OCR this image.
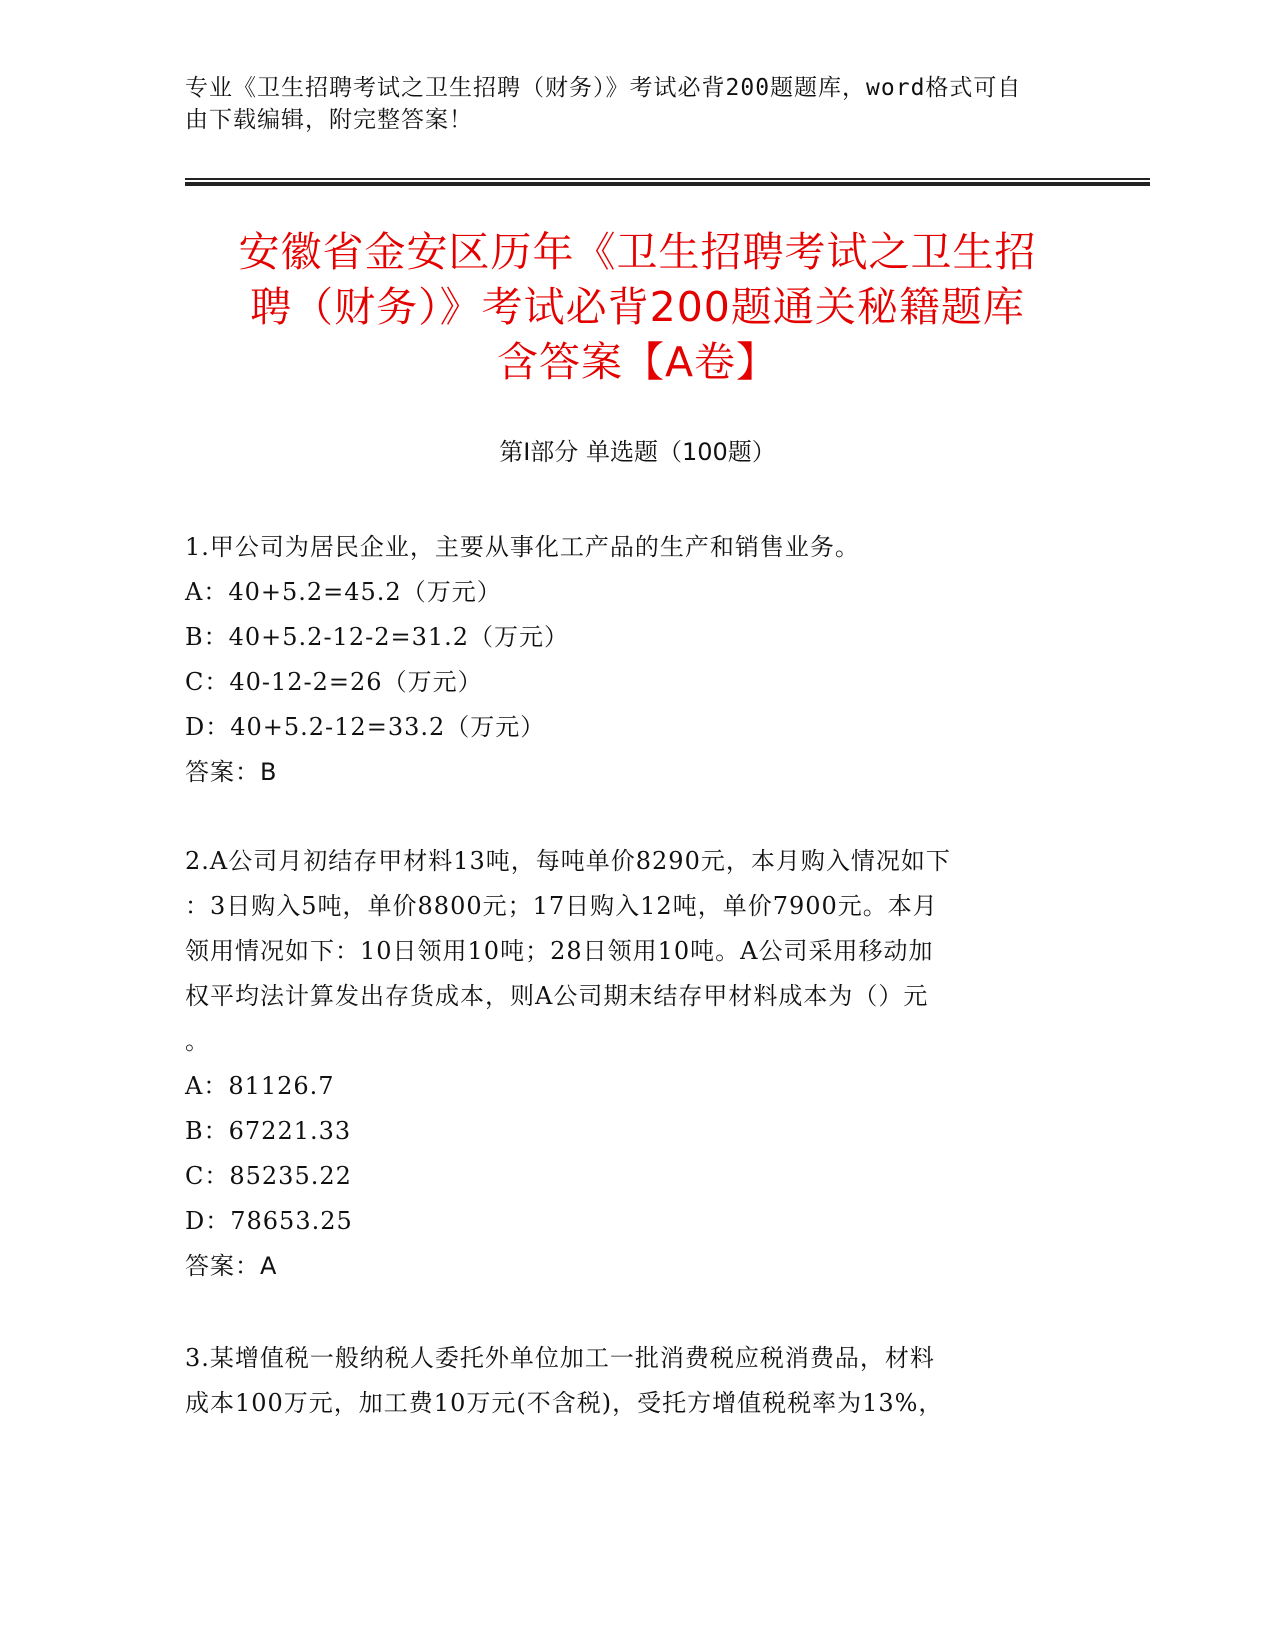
专业《卫生招聘考试之卫生招聘（财务）》考试必背200题题库，word格式可自
由下载编辑，附完整答案！
安徽省金安区历年《卫生招聘考试之卫生招
聘（财务）》考试必背200题通关秘籍题库
含答案【A卷】
第I部分 单选题（100题）
1.甲公司为居民企业，主要从事化工产品的生产和销售业务。
A：40+5.2=45.2（万元）
B：40+5.2-12-2=31.2（万元）
C：40-12-2=26（万元）
D：40+5.2-12=33.2（万元）
答案：B
2.A公司月初结存甲材料13吨，每吨单价8290元，本月购入情况如下
：3日购入5吨，单价8800元；17日购入12吨，单价7900元。本月
领用情况如下：10日领用10吨；28日领用10吨。A公司采用移动加
权平均法计算发出存货成本，则A公司期末结存甲材料成本为（）元
。
A：81126.7
B：67221.33
C：85235.22
D：78653.25
答案：A
3.某增值税一般纳税人委托外单位加工一批消费税应税消费品，材料
成本100万元，加工费10万元(不含税)，受托方增值税税率为13%，
